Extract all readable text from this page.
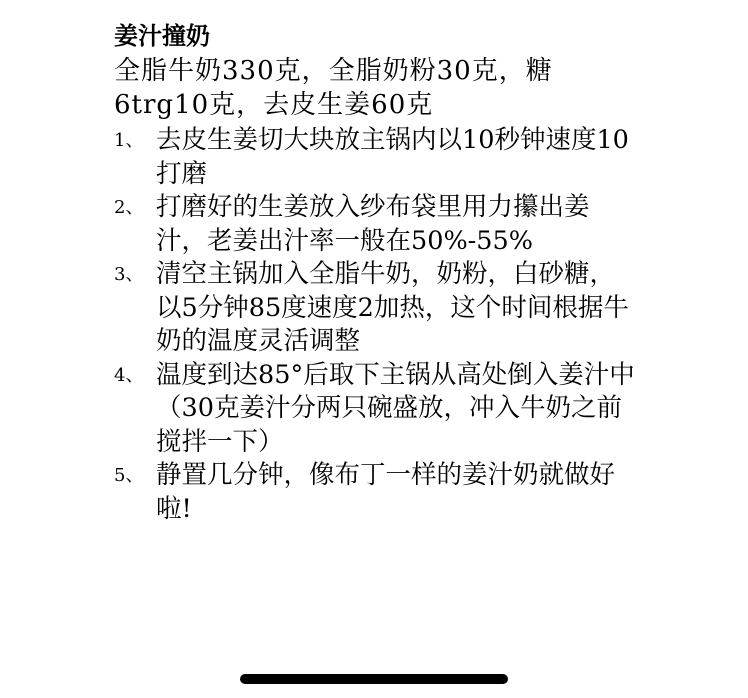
姜汁撞奶

全脂牛奶330克，全脂奶粉30克，糖6trg10克，去皮生姜60克

1、 去皮生姜切大块放主锅内以10秒钟速度10打磨
2、 打磨好的生姜放入纱布袋里用力攥出姜汁，老姜出汁率一般在50%-55%
3、 清空主锅加入全脂牛奶，奶粉，白砂糖，以5分钟85度速度2加热，这个时间根据牛奶的温度灵活调整
4、 温度到达85°后取下主锅从高处倒入姜汁中（30克姜汁分两只碗盛放，冲入牛奶之前搅拌一下）
5、 静置几分钟，像布丁一样的姜汁奶就做好啦!
